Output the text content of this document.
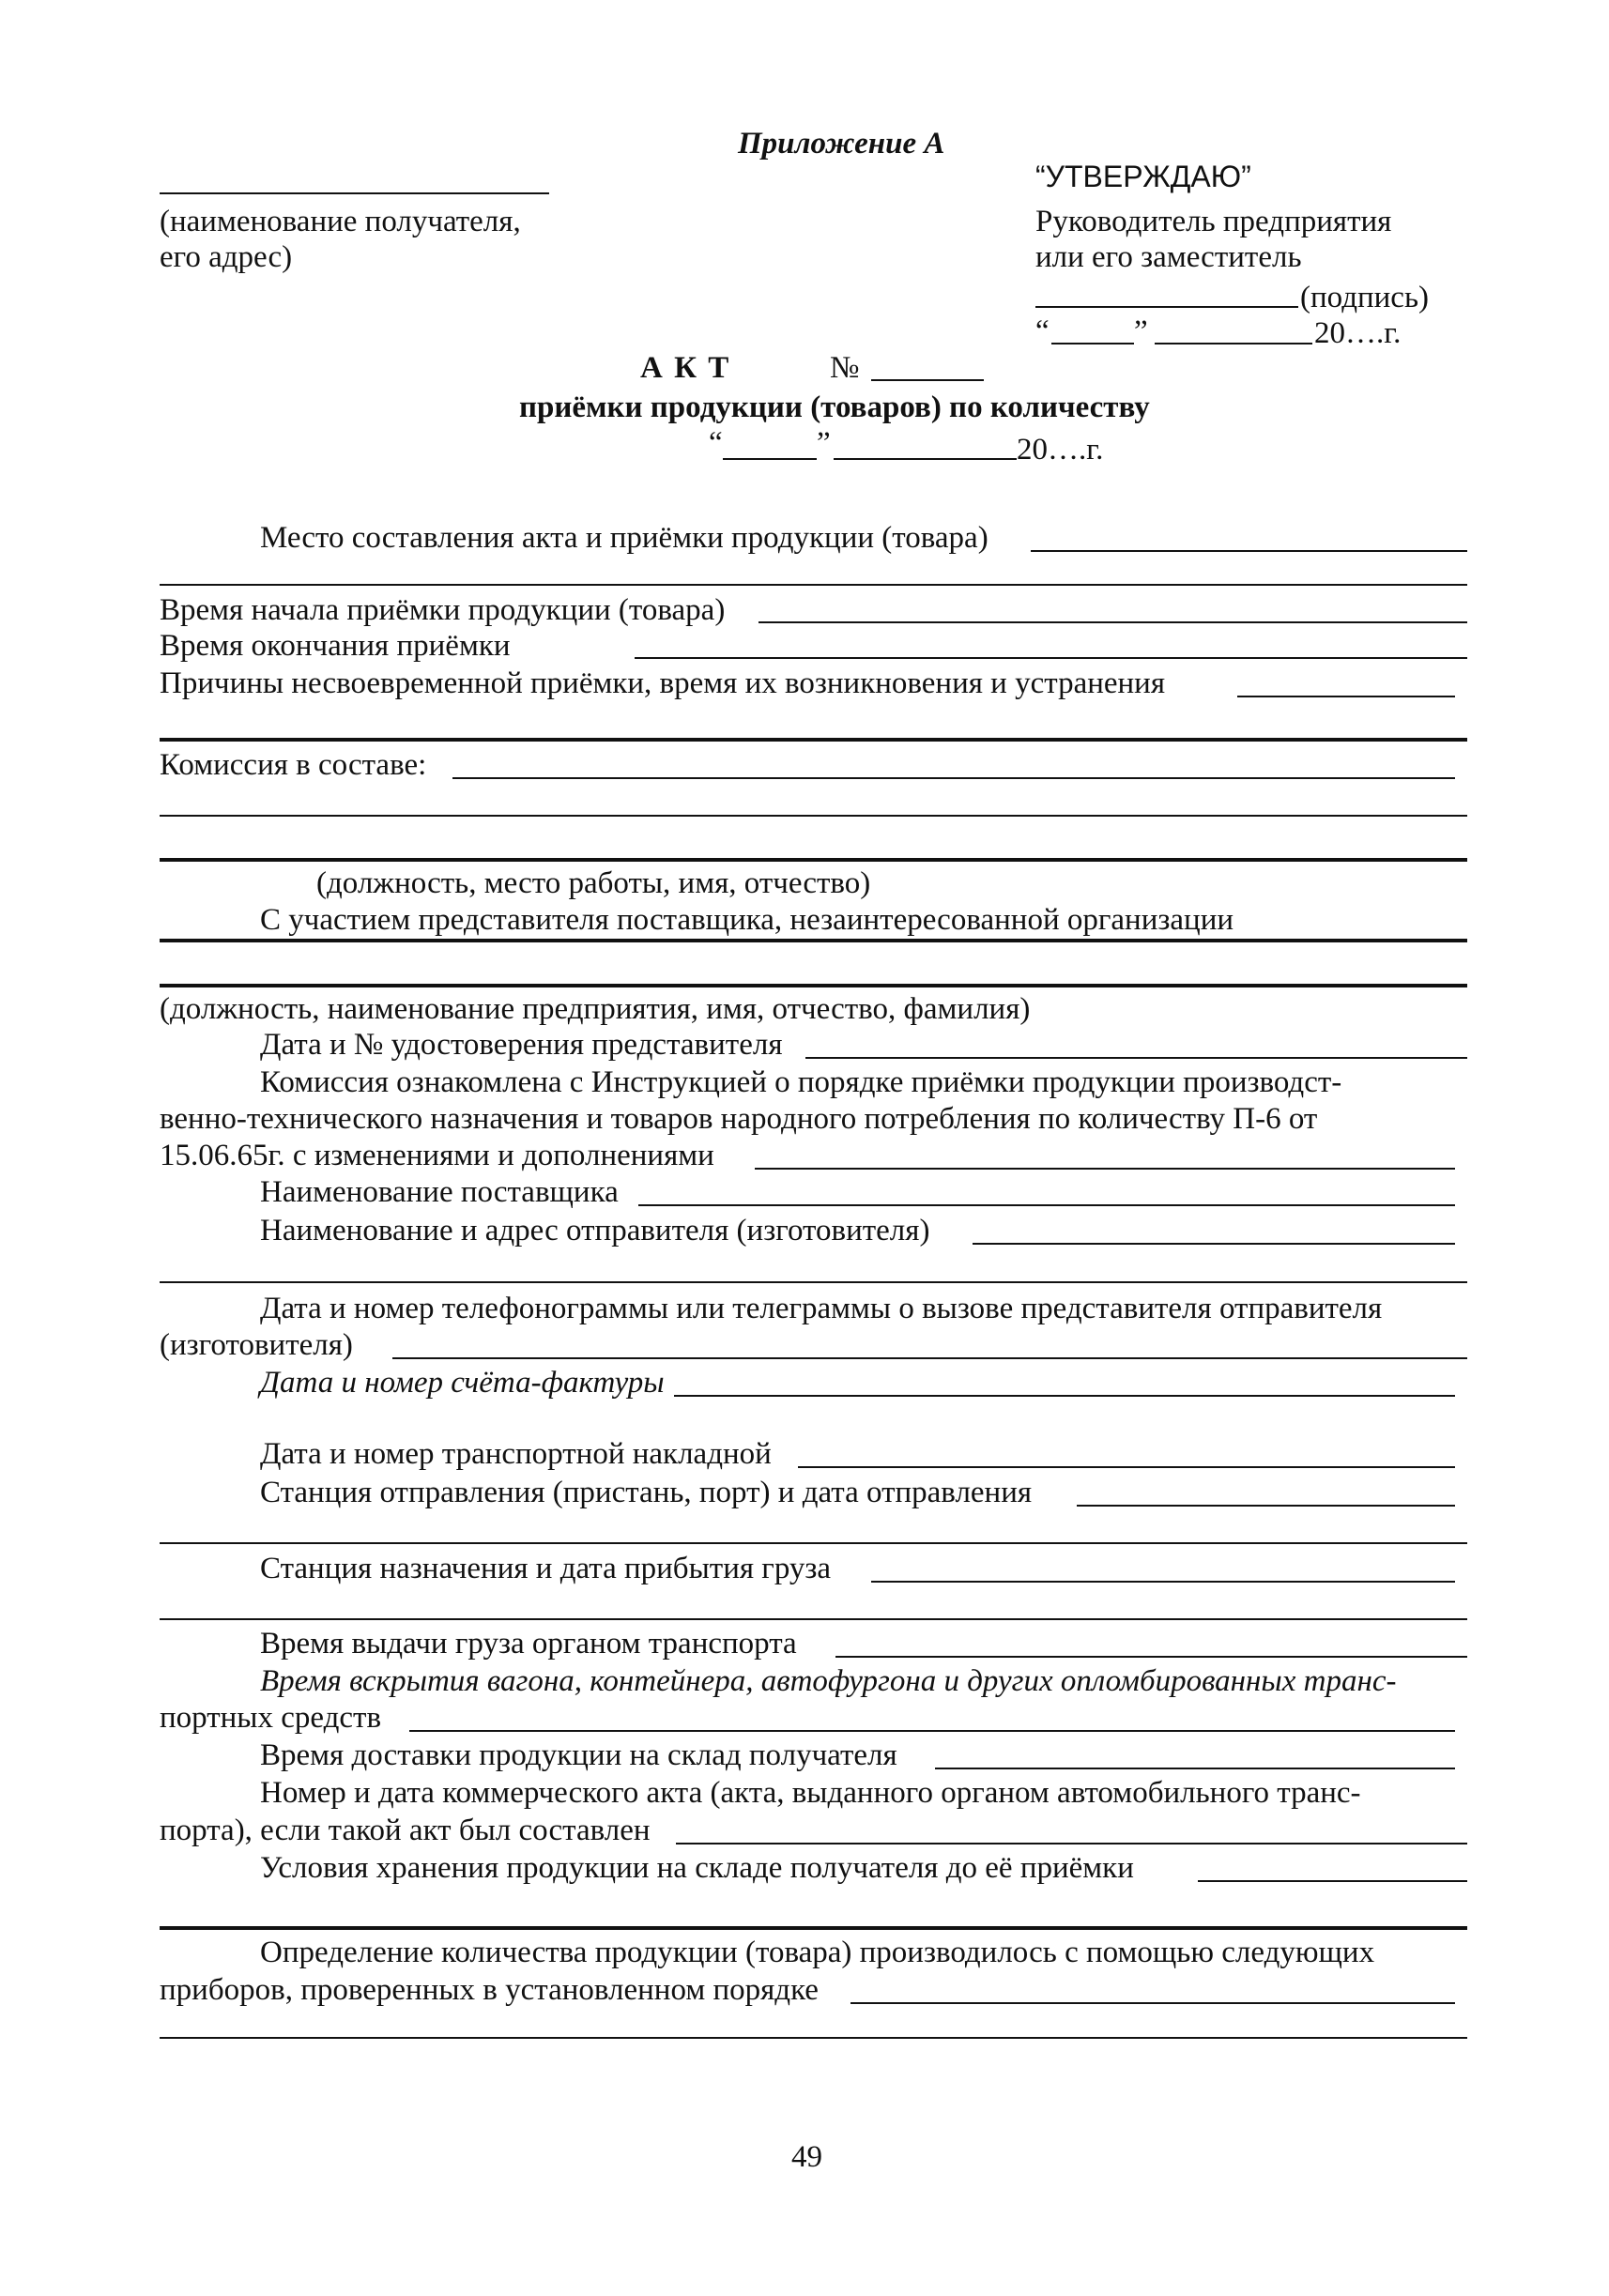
Приложение А
“УТВЕРЖДАЮ”
(наименование получателя,
его адрес)
Руководитель предприятия
или его заместитель
(подпись)
“	”	20….г.
А К Т	№
приёмки продукции (товаров) по количеству
“	”	20….г.
Место составления акта и приёмки продукции (товара)
Время начала приёмки продукции (товара)
Время окончания приёмки
Причины несвоевременной приёмки, время их возникновения и устранения
Комиссия в составе:
(должность, место работы, имя, отчество)
С участием представителя поставщика, незаинтересованной организации
(должность, наименование предприятия, имя, отчество, фамилия)
Дата и № удостоверения представителя
Комиссия ознакомлена с Инструкцией о порядке приёмки продукции производст-
венно-технического назначения и товаров народного потребления по количеству П-6 от
15.06.65г. с изменениями и дополнениями
Наименование поставщика
Наименование и адрес отправителя (изготовителя)
Дата и номер телефонограммы или телеграммы о вызове представителя отправителя
(изготовителя)
Дата и номер счёта-фактуры
Дата и номер транспортной накладной
Станция отправления (пристань, порт) и дата отправления
Станция назначения и дата прибытия груза
Время выдачи груза органом транспорта
Время вскрытия вагона, контейнера, автофургона и других опломбированных транс-
портных средств
Время доставки продукции на склад получателя
Номер и дата коммерческого акта (акта, выданного органом автомобильного транс-
порта), если такой акт был составлен
Условия хранения продукции на складе получателя до её приёмки
Определение количества продукции (товара) производилось с помощью следующих
приборов, проверенных в установленном порядке
49
